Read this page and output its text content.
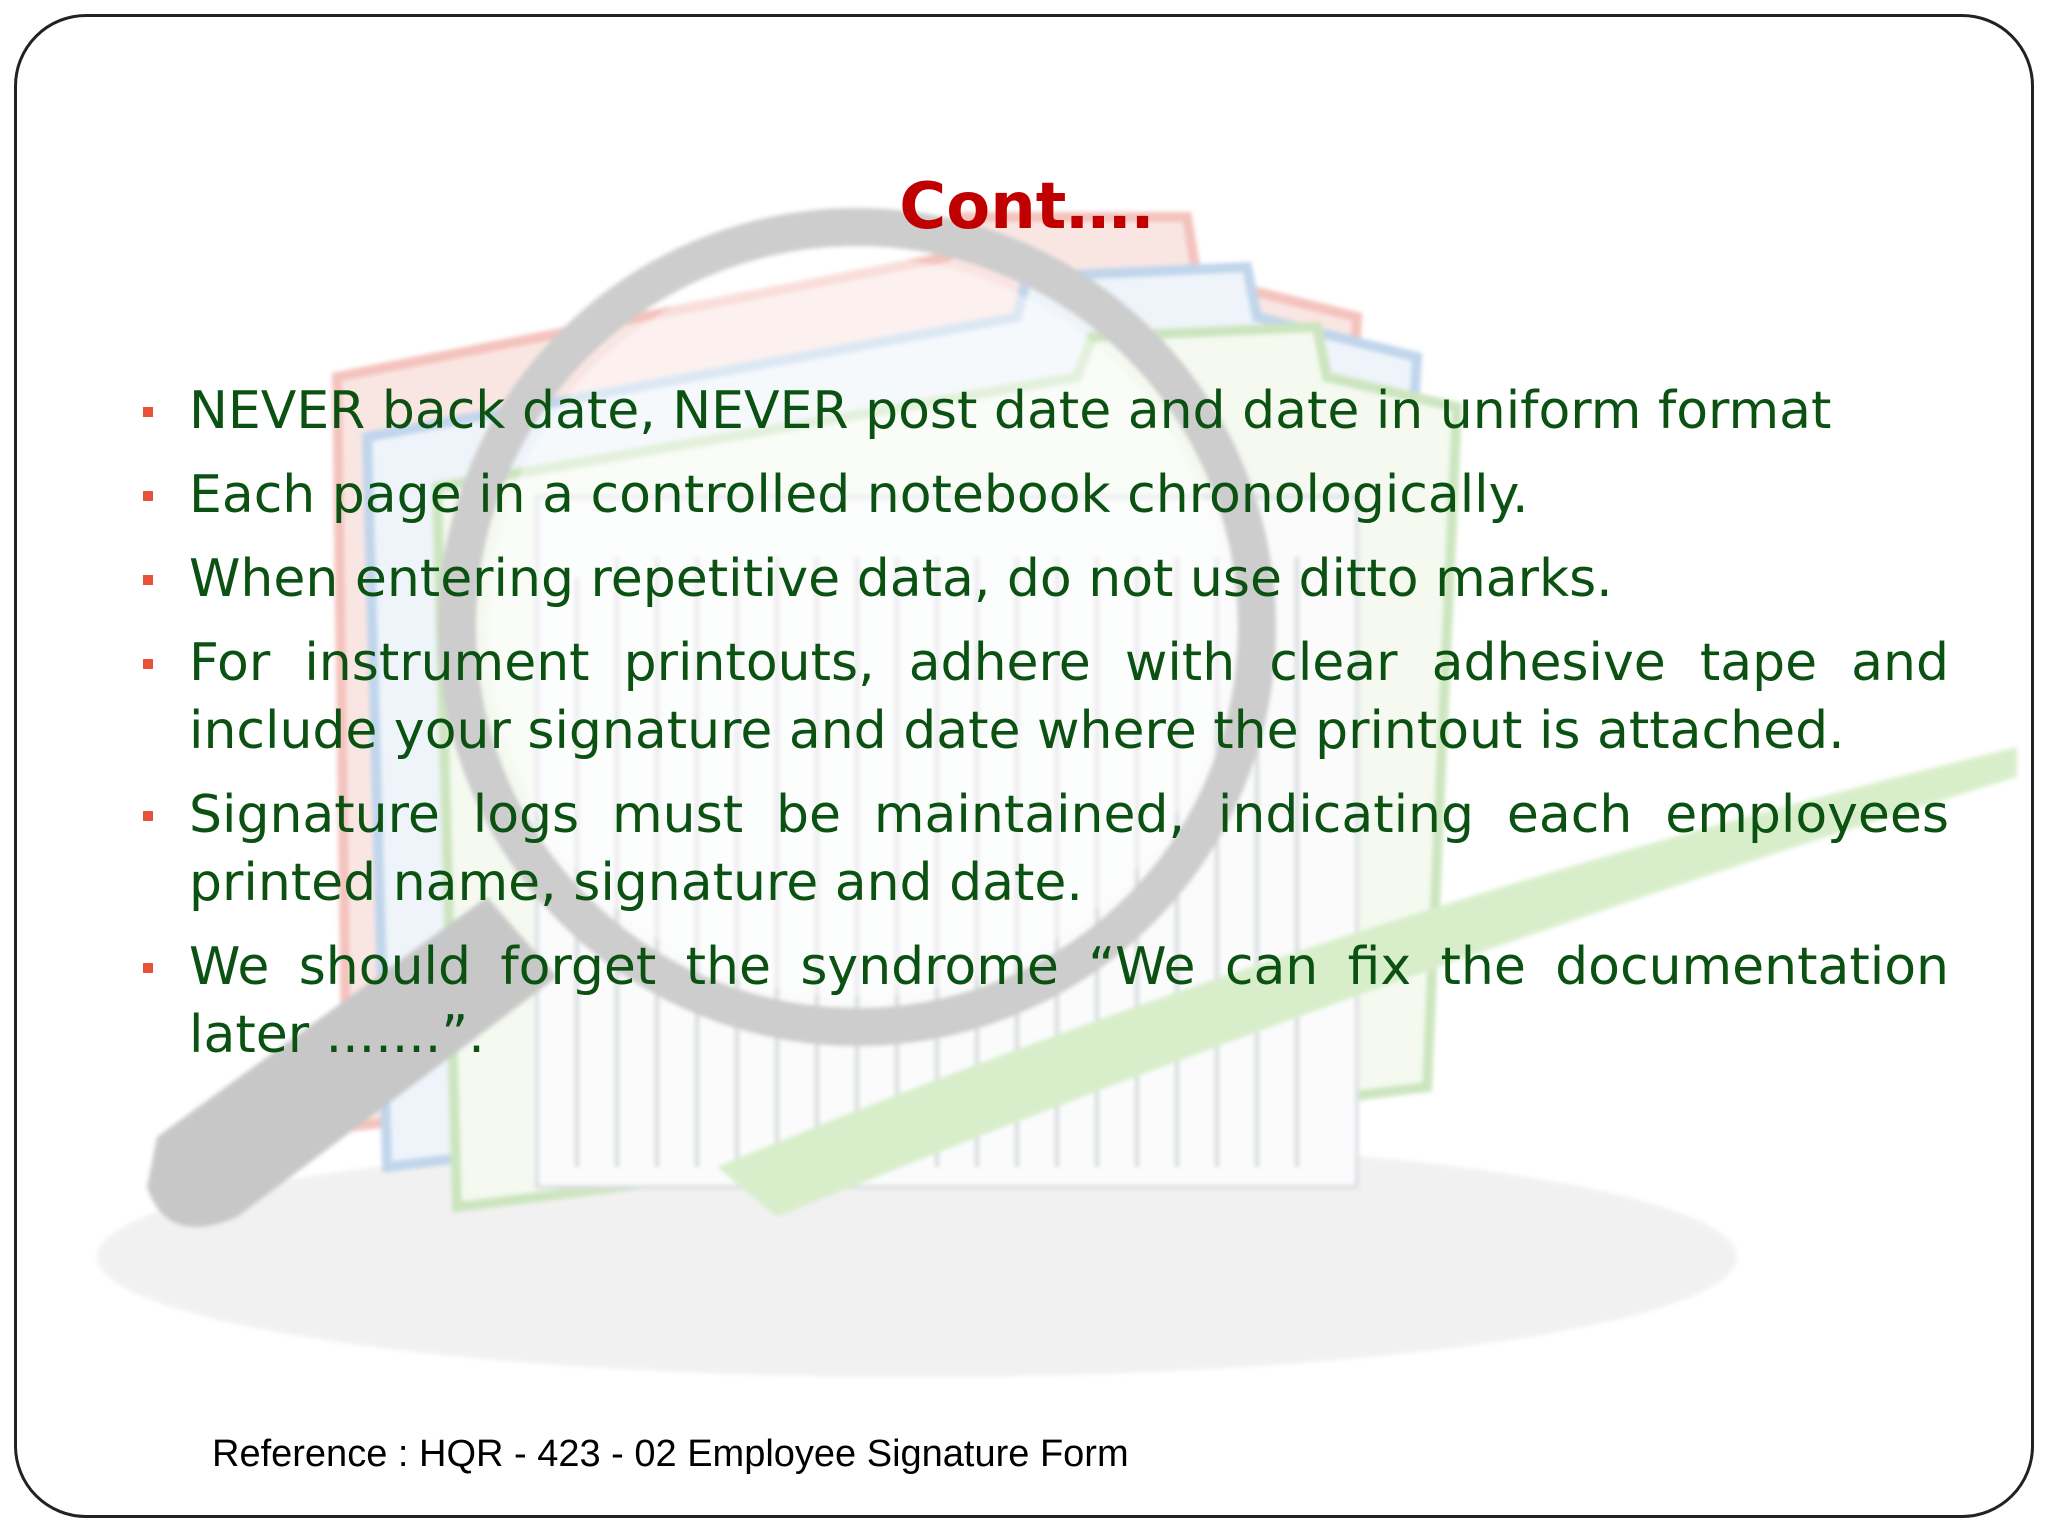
Cont….
NEVER back date, NEVER post date and date in uniform format
Each page in a controlled notebook chronologically.
When entering repetitive data, do not use ditto marks.
For instrument printouts, adhere with clear adhesive tape and include your signature and date where the printout is attached.
Signature logs must be maintained, indicating each employees printed name, signature and date.
We should forget the syndrome “We can fix the documentation later .......”.
Reference : HQR - 423 - 02 Employee Signature Form
